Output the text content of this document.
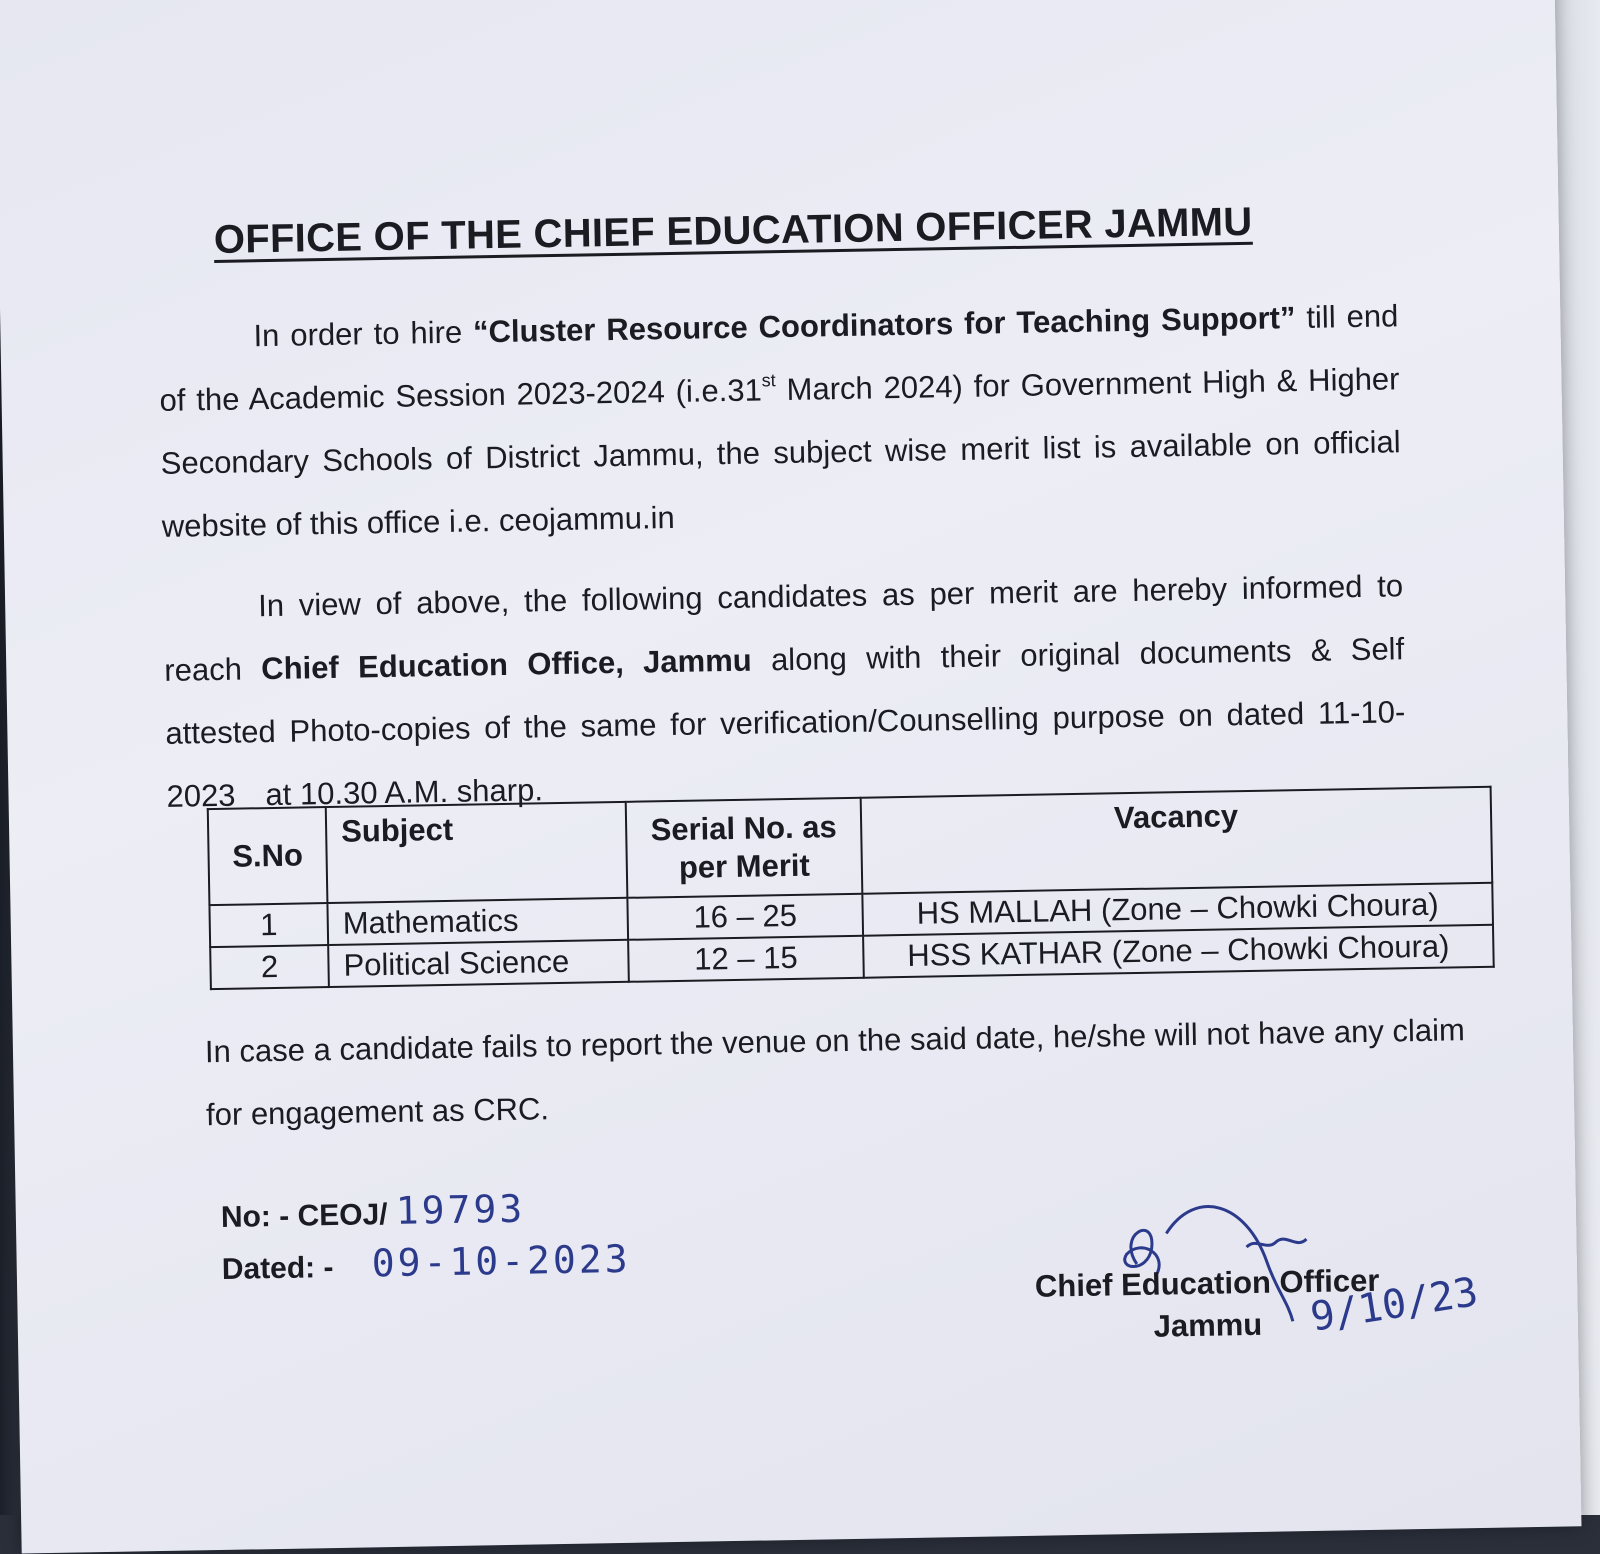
OFFICE OF THE CHIEF EDUCATION OFFICER JAMMU
In order to hire “Cluster Resource Coordinators for Teaching Support” till end of the Academic Session 2023-2024 (i.e.31st March 2024) for Government High & Higher Secondary Schools of District Jammu, the subject wise merit list is available on official website of this office i.e. ceojammu.in
In view of above, the following candidates as per merit are hereby informed to reach Chief Education Office, Jammu along with their original documents & Self attested Photo-copies of the same for verification/Counselling purpose on dated 11-10-2023 at 10.30 A.M. sharp.
S.No	Subject	Serial No. as per Merit	Vacancy
1	Mathematics	16 – 25	HS MALLAH (Zone – Chowki Choura)
2	Political Science	12 – 15	HSS KATHAR (Zone – Chowki Choura)
In case a candidate fails to report the venue on the said date, he/she will not have any claim for engagement as CRC.
No: - CEOJ/ 19793
Dated: - 09-10-2023
9/10/23
Chief Education Officer
Jammu
